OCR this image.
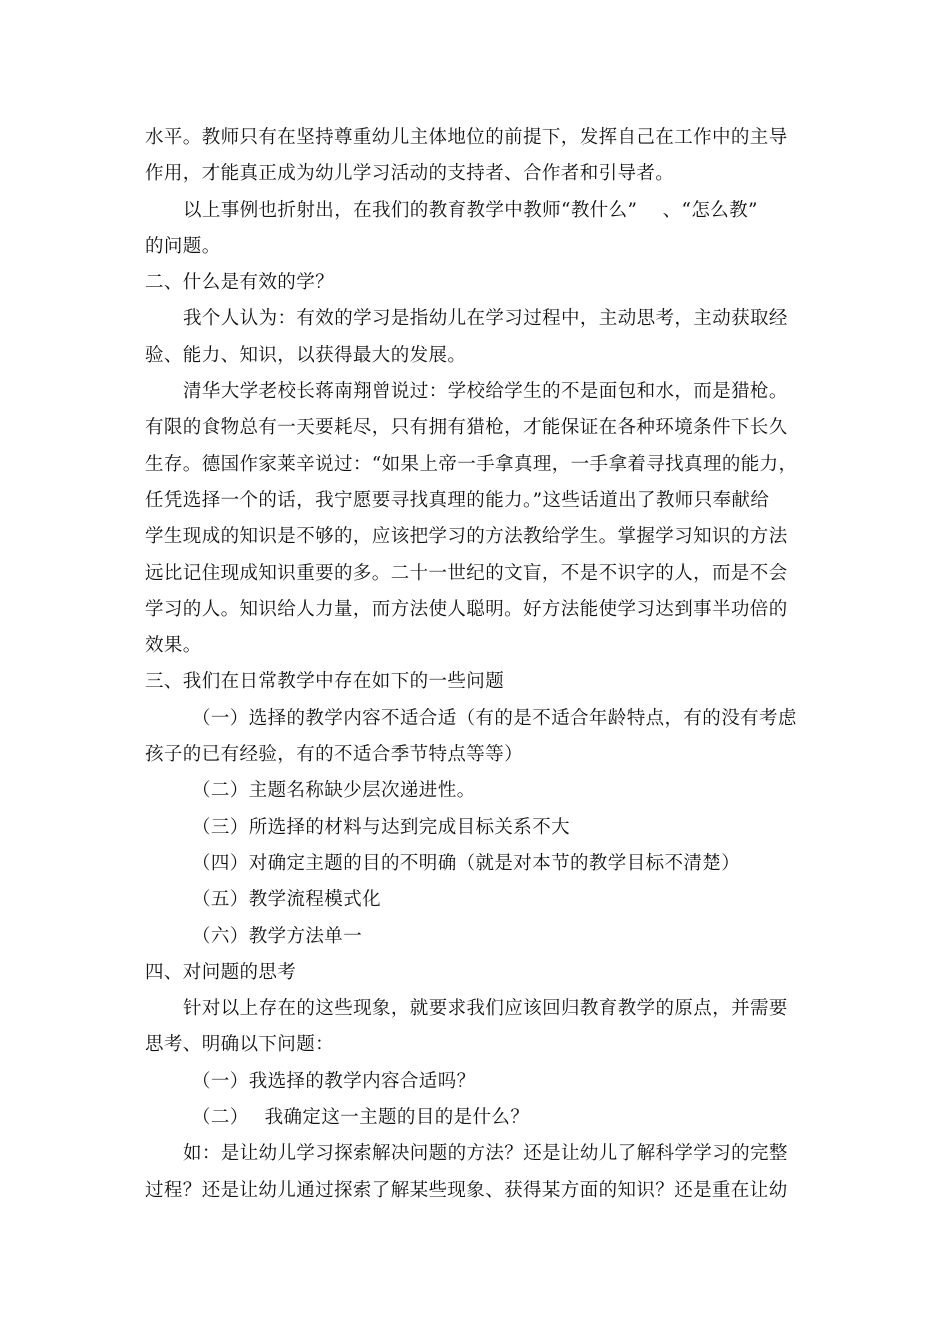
水平。教师只有在坚持尊重幼儿主体地位的前提下，发挥自己在工作中的主导
作用，才能真正成为幼儿学习活动的支持者、合作者和引导者。
以上事例也折射出，在我们的教育教学中教师“教什么”　 、“怎么教”
的问题。
二、什么是有效的学？
我个人认为：有效的学习是指幼儿在学习过程中，主动思考，主动获取经
验、能力、知识，以获得最大的发展。
清华大学老校长蒋南翔曾说过：学校给学生的不是面包和水，而是猎枪。
有限的食物总有一天要耗尽，只有拥有猎枪，才能保证在各种环境条件下长久
生存。德国作家莱辛说过：“如果上帝一手拿真理，一手拿着寻找真理的能力，
任凭选择一个的话，我宁愿要寻找真理的能力。”这些话道出了教师只奉献给
学生现成的知识是不够的，应该把学习的方法教给学生。掌握学习知识的方法
远比记住现成知识重要的多。二十一世纪的文盲，不是不识字的人，而是不会
学习的人。知识给人力量，而方法使人聪明。好方法能使学习达到事半功倍的
效果。
三、我们在日常教学中存在如下的一些问题
（一）选择的教学内容不适合适（有的是不适合年龄特点，有的没有考虑
孩子的已有经验，有的不适合季节特点等等）
（二）主题名称缺少层次递进性。
（三）所选择的材料与达到完成目标关系不大
（四）对确定主题的目的不明确（就是对本节的教学目标不清楚）
（五）教学流程模式化
（六）教学方法单一
四、对问题的思考
针对以上存在的这些现象，就要求我们应该回归教育教学的原点，并需要
思考、明确以下问题：
（一）我选择的教学内容合适吗？
（二）　 我确定这一主题的目的是什么？
如：是让幼儿学习探索解决问题的方法？还是让幼儿了解科学学习的完整
过程？还是让幼儿通过探索了解某些现象、获得某方面的知识？还是重在让幼
